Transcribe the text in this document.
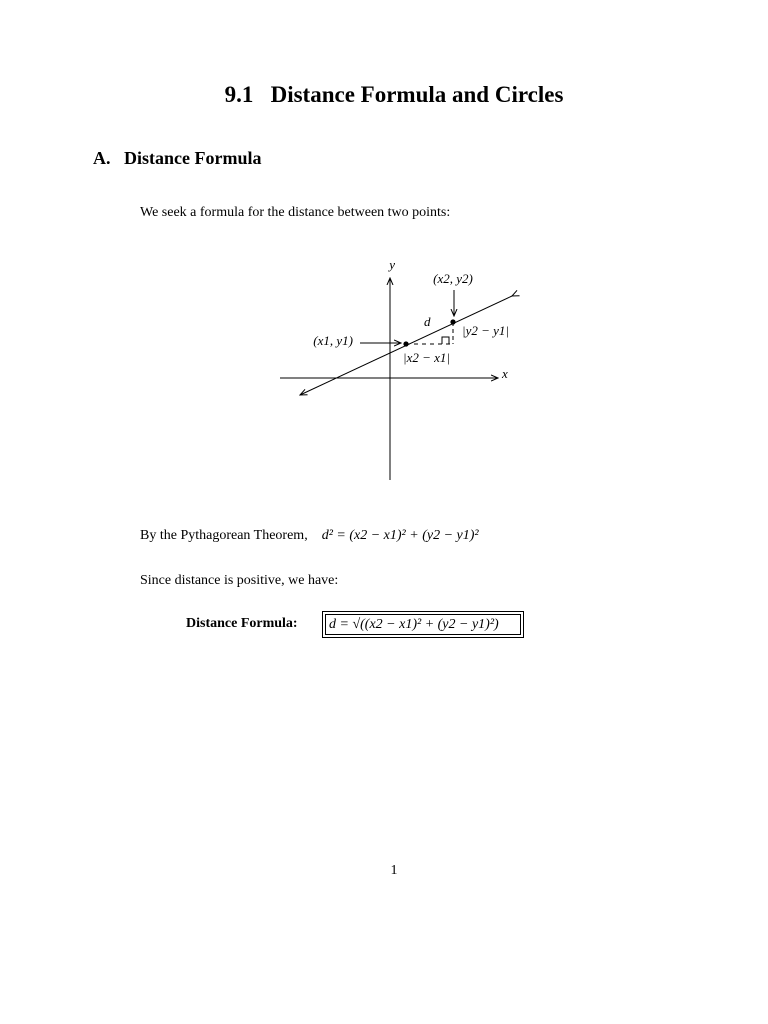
9.1 Distance Formula and Circles
A. Distance Formula
We seek a formula for the distance between two points:
y
x
(x1, y1)
(x2, y2)
d
|y2 − y1|
|x2 − x1|
By the Pythagorean Theorem, d² = (x2 − x1)² + (y2 − y1)²
Since distance is positive, we have:
Distance Formula: d = √((x2 − x1)² + (y2 − y1)²)
1
